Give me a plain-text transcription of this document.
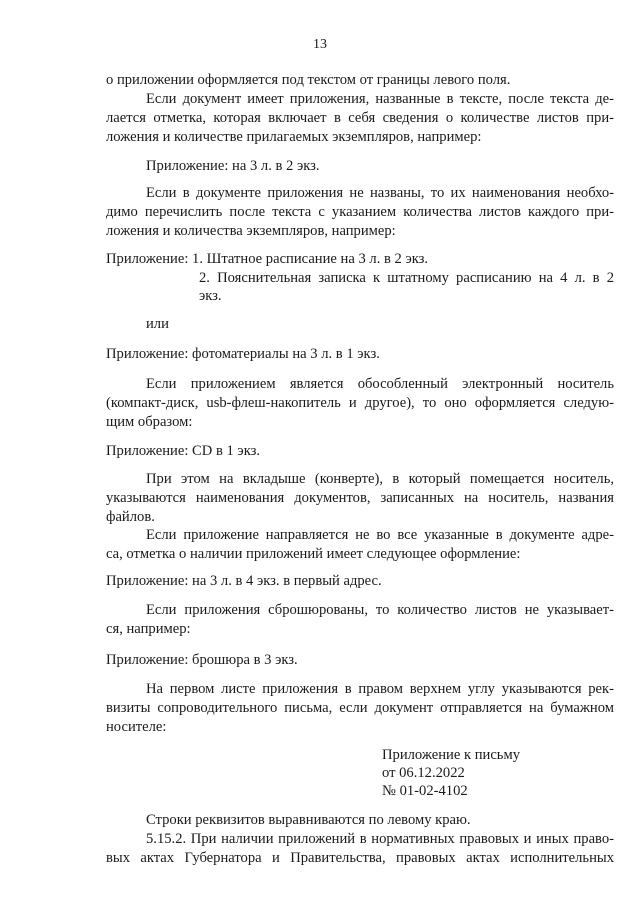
13
о приложении оформляется под текстом от границы левого поля.
Если документ имеет приложения, названные в тексте, после текста де-
лается отметка, которая включает в себя сведения о количестве листов при-
ложения и количестве прилагаемых экземпляров, например:
Приложение: на 3 л. в 2 экз.
Если в документе приложения не названы, то их наименования необхо-
димо перечислить после текста с указанием количества листов каждого при-
ложения и количества экземпляров, например:
Приложение: 1. Штатное расписание на 3 л. в 2 экз.
2. Пояснительная записка к штатному расписанию на 4 л. в 2
экз.
или
Приложение: фотоматериалы на 3 л. в 1 экз.
Если приложением является обособленный электронный носитель
(компакт-диск, usb-флеш-накопитель и другое), то оно оформляется следую-
щим образом:
Приложение: CD в 1 экз.
При этом на вкладыше (конверте), в который помещается носитель,
указываются наименования документов, записанных на носитель, названия
файлов.
Если приложение направляется не во все указанные в документе адре-
са, отметка о наличии приложений имеет следующее оформление:
Приложение: на 3 л. в 4 экз. в первый адрес.
Если приложения сброшюрованы, то количество листов не указывает-
ся, например:
Приложение: брошюра в 3 экз.
На первом листе приложения в правом верхнем углу указываются рек-
визиты сопроводительного письма, если документ отправляется на бумажном
носителе:
Приложение к письму
от 06.12.2022
№ 01-02-4102
Строки реквизитов выравниваются по левому краю.
5.15.2. При наличии приложений в нормативных правовых и иных право-
вых актах Губернатора и Правительства, правовых актах исполнительных
